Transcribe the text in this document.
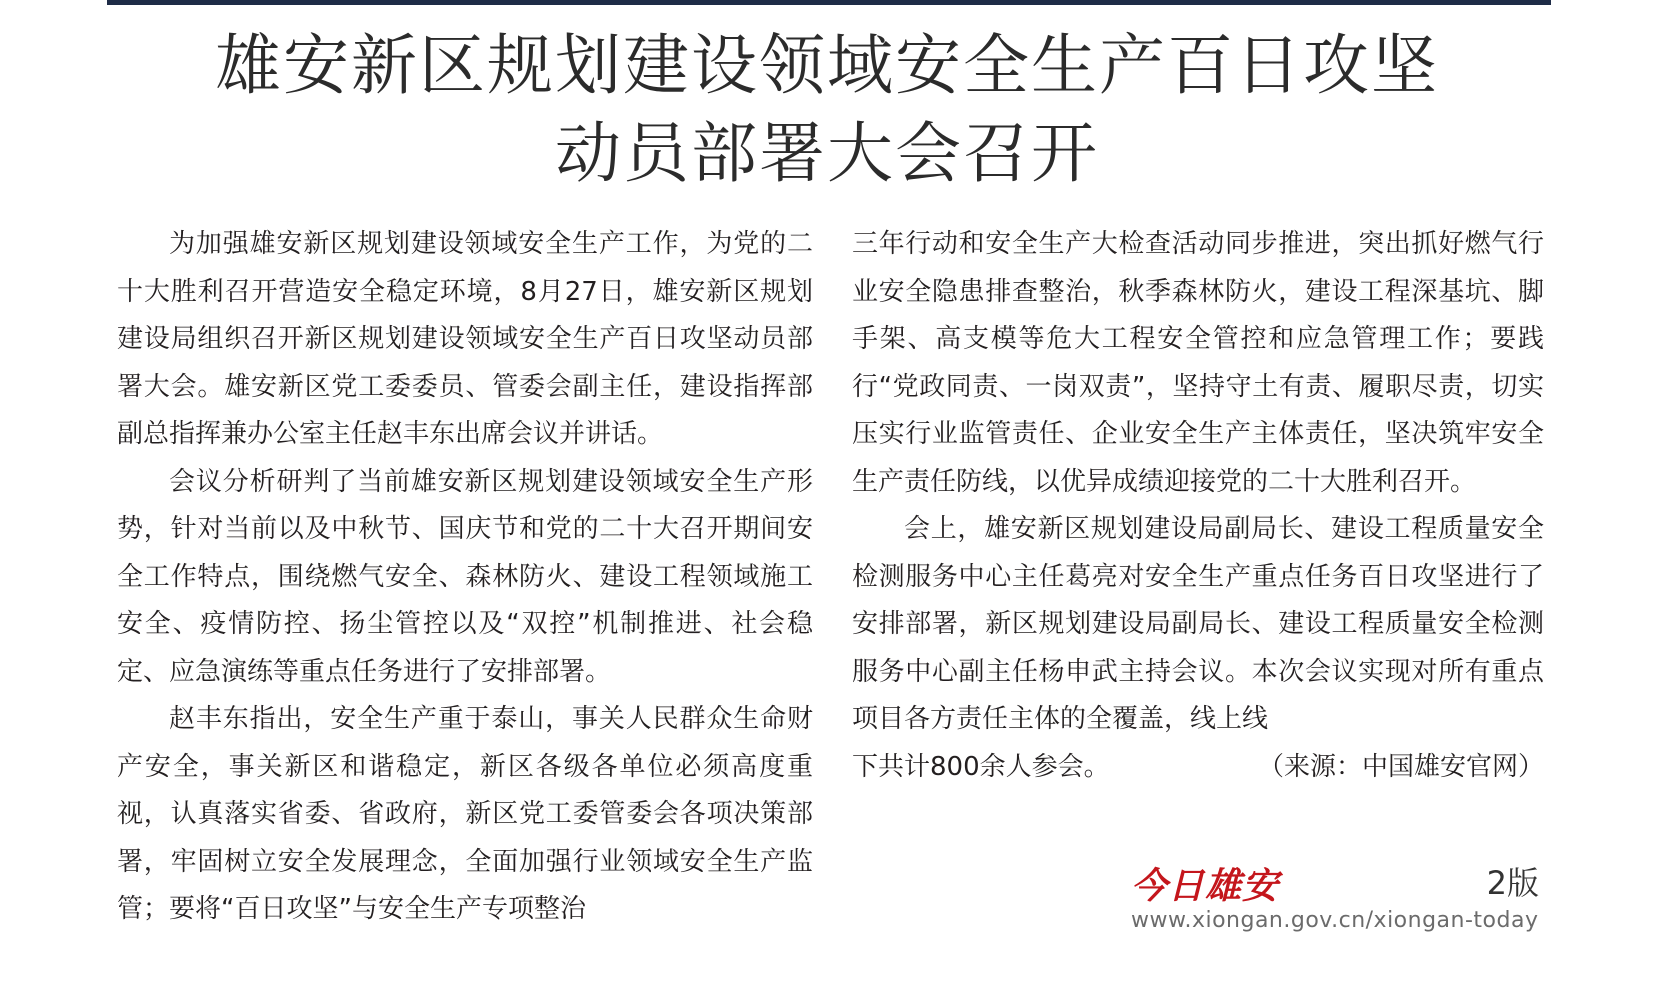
雄安新区规划建设领域安全生产百日攻坚
动员部署大会召开

为加强雄安新区规划建设领域安全生产工作，为党的二十大胜利召开营造安全稳定环境，8月27日，雄安新区规划建设局组织召开新区规划建设领域安全生产百日攻坚动员部署大会。雄安新区党工委委员、管委会副主任，建设指挥部副总指挥兼办公室主任赵丰东出席会议并讲话。

会议分析研判了当前雄安新区规划建设领域安全生产形势，针对当前以及中秋节、国庆节和党的二十大召开期间安全工作特点，围绕燃气安全、森林防火、建设工程领域施工安全、疫情防控、扬尘管控以及“双控”机制推进、社会稳定、应急演练等重点任务进行了安排部署。

赵丰东指出，安全生产重于泰山，事关人民群众生命财产安全，事关新区和谐稳定，新区各级各单位必须高度重视，认真落实省委、省政府，新区党工委管委会各项决策部署，牢固树立安全发展理念，全面加强行业领域安全生产监管；要将“百日攻坚”与安全生产专项整治

三年行动和安全生产大检查活动同步推进，突出抓好燃气行业安全隐患排查整治，秋季森林防火，建设工程深基坑、脚手架、高支模等危大工程安全管控和应急管理工作；要践行“党政同责、一岗双责”，坚持守土有责、履职尽责，切实压实行业监管责任、企业安全生产主体责任，坚决筑牢安全生产责任防线，以优异成绩迎接党的二十大胜利召开。

会上，雄安新区规划建设局副局长、建设工程质量安全检测服务中心主任葛亮对安全生产重点任务百日攻坚进行了安排部署，新区规划建设局副局长、建设工程质量安全检测服务中心副主任杨申武主持会议。本次会议实现对所有重点项目各方责任主体的全覆盖，线上线

下共计800余人参会。	（来源：中国雄安官网）
今日雄安	2版
www.xiongan.gov.cn/xiongan-today
